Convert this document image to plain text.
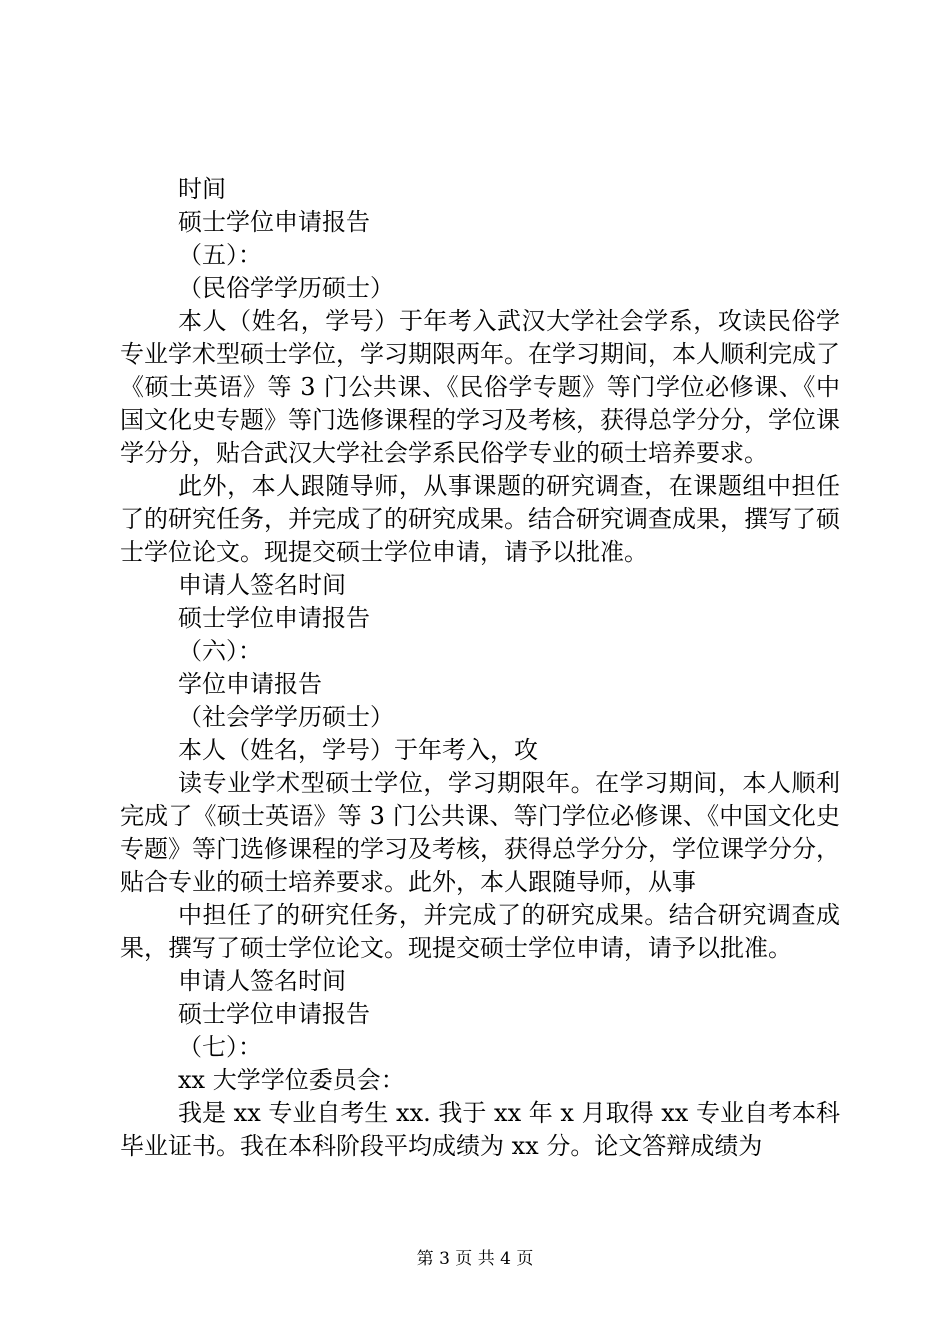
时间
硕士学位申请报告
（五）：
（民俗学学历硕士）
本人（姓名，学号）于年考入武汉大学社会学系，攻读民俗学专业学术型硕士学位，学习期限两年。在学习期间，本人顺利完成了《硕士英语》等 3 门公共课、《民俗学专题》等门学位必修课、《中国文化史专题》等门选修课程的学习及考核，获得总学分分，学位课学分分，贴合武汉大学社会学系民俗学专业的硕士培养要求。
此外，本人跟随导师，从事课题的研究调查，在课题组中担任了的研究任务，并完成了的研究成果。结合研究调查成果，撰写了硕士学位论文。现提交硕士学位申请，请予以批准。
申请人签名时间
硕士学位申请报告
（六）：
学位申请报告
（社会学学历硕士）
本人（姓名，学号）于年考入，攻
读专业学术型硕士学位，学习期限年。在学习期间，本人顺利完成了《硕士英语》等 3 门公共课、等门学位必修课、《中国文化史专题》等门选修课程的学习及考核，获得总学分分，学位课学分分，贴合专业的硕士培养要求。此外，本人跟随导师，从事
中担任了的研究任务，并完成了的研究成果。结合研究调查成果，撰写了硕士学位论文。现提交硕士学位申请，请予以批准。
申请人签名时间
硕士学位申请报告
（七）：
xx 大学学位委员会：
我是 xx 专业自考生 xx. 我于 xx 年 x 月取得 xx 专业自考本科毕业证书。我在本科阶段平均成绩为 xx 分。论文答辩成绩为
第 3 页 共 4 页
